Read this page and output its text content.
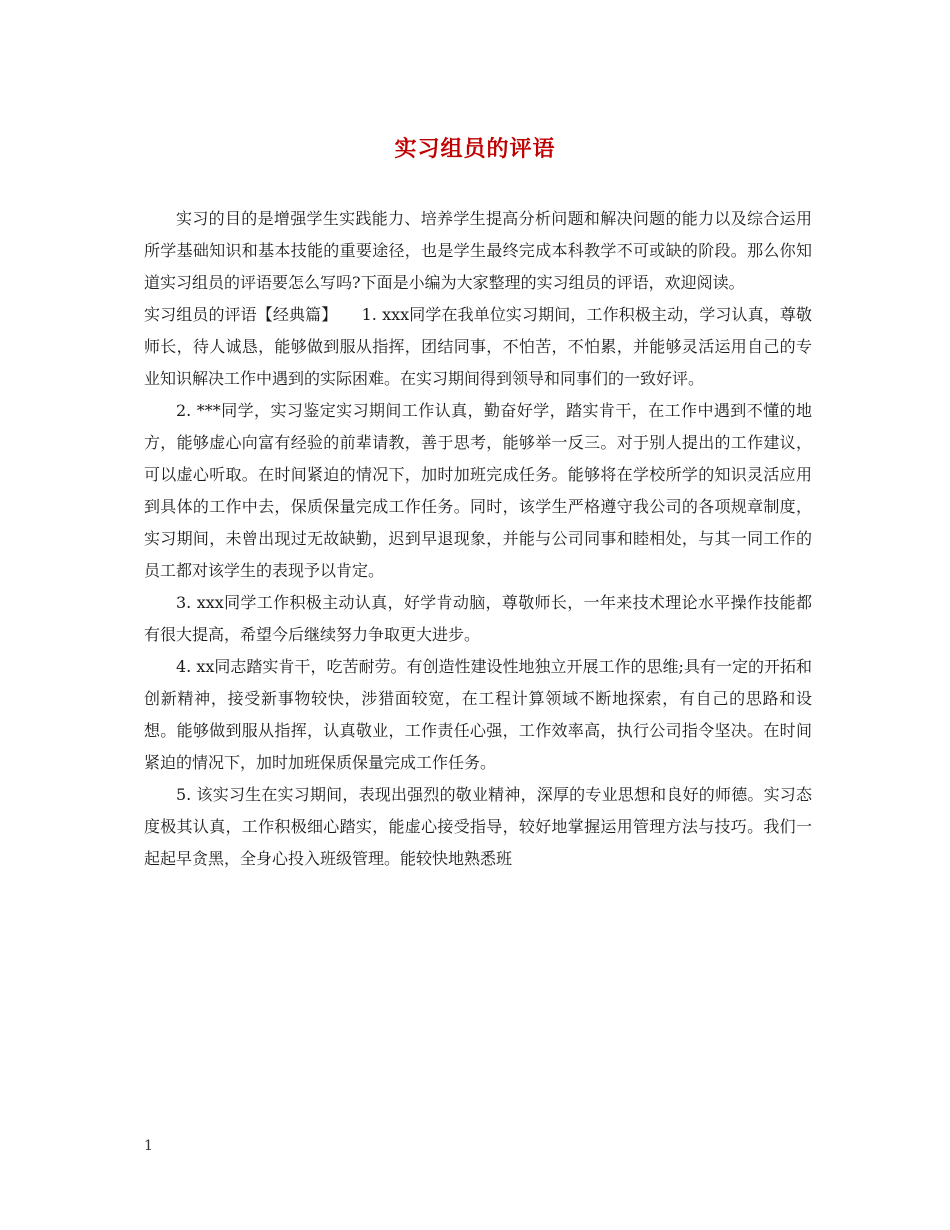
实习组员的评语

实习的目的是增强学生实践能力、培养学生提高分析问题和解决问题的能力以及综合运用所学基础知识和基本技能的重要途径，也是学生最终完成本科教学不可或缺的阶段。那么你知道实习组员的评语要怎么写吗?下面是小编为大家整理的实习组员的评语，欢迎阅读。

实习组员的评语【经典篇】　　1. xxx同学在我单位实习期间，工作积极主动，学习认真，尊敬师长，待人诚恳，能够做到服从指挥，团结同事，不怕苦，不怕累，并能够灵活运用自己的专业知识解决工作中遇到的实际困难。在实习期间得到领导和同事们的一致好评。

2. ***同学，实习鉴定实习期间工作认真，勤奋好学，踏实肯干，在工作中遇到不懂的地方，能够虚心向富有经验的前辈请教，善于思考，能够举一反三。对于别人提出的工作建议，可以虚心听取。在时间紧迫的情况下，加时加班完成任务。能够将在学校所学的知识灵活应用到具体的工作中去，保质保量完成工作任务。同时，该学生严格遵守我公司的各项规章制度，实习期间，未曾出现过无故缺勤，迟到早退现象，并能与公司同事和睦相处，与其一同工作的员工都对该学生的表现予以肯定。

3. xxx同学工作积极主动认真，好学肯动脑，尊敬师长，一年来技术理论水平操作技能都有很大提高，希望今后继续努力争取更大进步。

4. xx同志踏实肯干，吃苦耐劳。有创造性建设性地独立开展工作的思维;具有一定的开拓和创新精神，接受新事物较快，涉猎面较宽，在工程计算领域不断地探索，有自己的思路和设想。能够做到服从指挥，认真敬业，工作责任心强，工作效率高，执行公司指令坚决。在时间紧迫的情况下，加时加班保质保量完成工作任务。

5. 该实习生在实习期间，表现出强烈的敬业精神，深厚的专业思想和良好的师德。实习态度极其认真，工作积极细心踏实，能虚心接受指导，较好地掌握运用管理方法与技巧。我们一起起早贪黑，全身心投入班级管理。能较快地熟悉班

1
